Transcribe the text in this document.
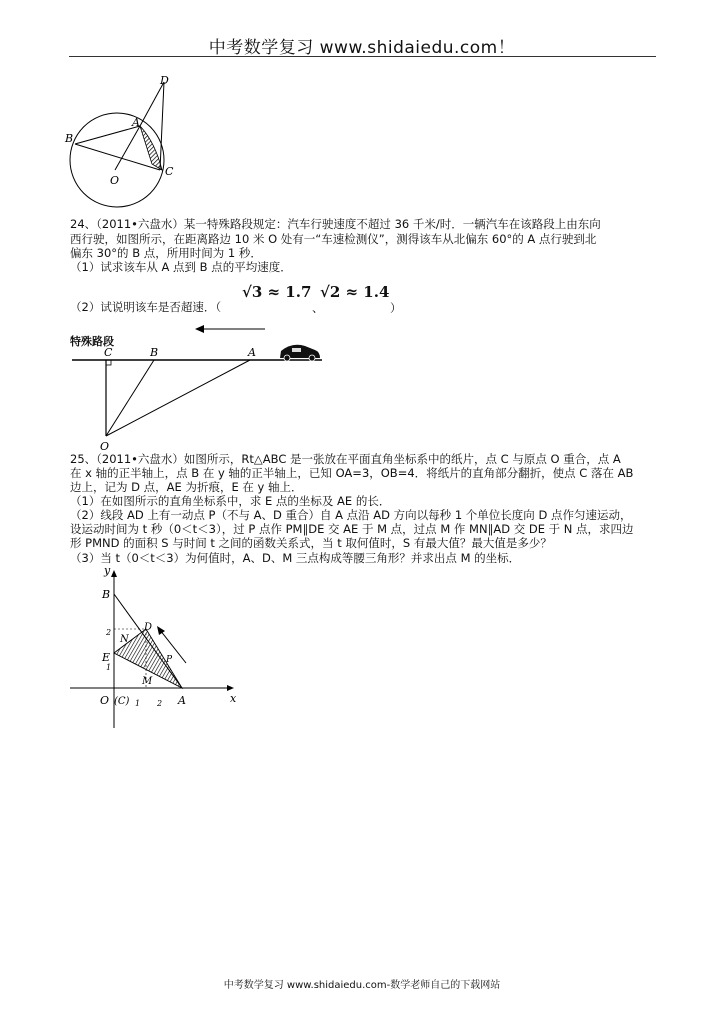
中考数学复习 www.shidaiedu.com！
B
A
D
O
C
24、（2011•六盘水）某一特殊路段规定：汽车行驶速度不超过 36 千米/时．一辆汽车在该路段上由东向
西行驶，如图所示，在距离路边 10 米 O 处有一“车速检测仪”，测得该车从北偏东 60°的 A 点行驶到北
偏东 30°的 B 点，所用时间为 1 秒．
（1）试求该车从 A 点到 B 点的平均速度．
（2）试说明该车是否超速．（
√3 ≈ 1.7
、
√2 ≈ 1.4
）
特殊路段
C	B	A
O
25、（2011•六盘水）如图所示，Rt△ABC 是一张放在平面直角坐标系中的纸片，点 C 与原点 O 重合，点 A
在 x 轴的正半轴上，点 B 在 y 轴的正半轴上，已知 OA=3，OB=4．将纸片的直角部分翻折，使点 C 落在 AB
边上，记为 D 点，AE 为折痕，E 在 y 轴上．
（1）在如图所示的直角坐标系中，求 E 点的坐标及 AE 的长．
（2）线段 AD 上有一动点 P（不与 A、D 重合）自 A 点沿 AD 方向以每秒 1 个单位长度向 D 点作匀速运动，
设运动时间为 t 秒（0＜t＜3），过 P 点作 PM∥DE 交 AE 于 M 点，过点 M 作 MN∥AD 交 DE 于 N 点，求四边
形 PMND 的面积 S 与时间 t 之间的函数关系式，当 t 取何值时，S 有最大值？最大值是多少？
（3）当 t（0＜t＜3）为何值时，A、D、M 三点构成等腰三角形？并求出点 M 的坐标．
y
x
B
D
N
E	P
M
O (C)	A
2
1
1 2
中考数学复习 www.shidaiedu.com-数学老师自己的下载网站
